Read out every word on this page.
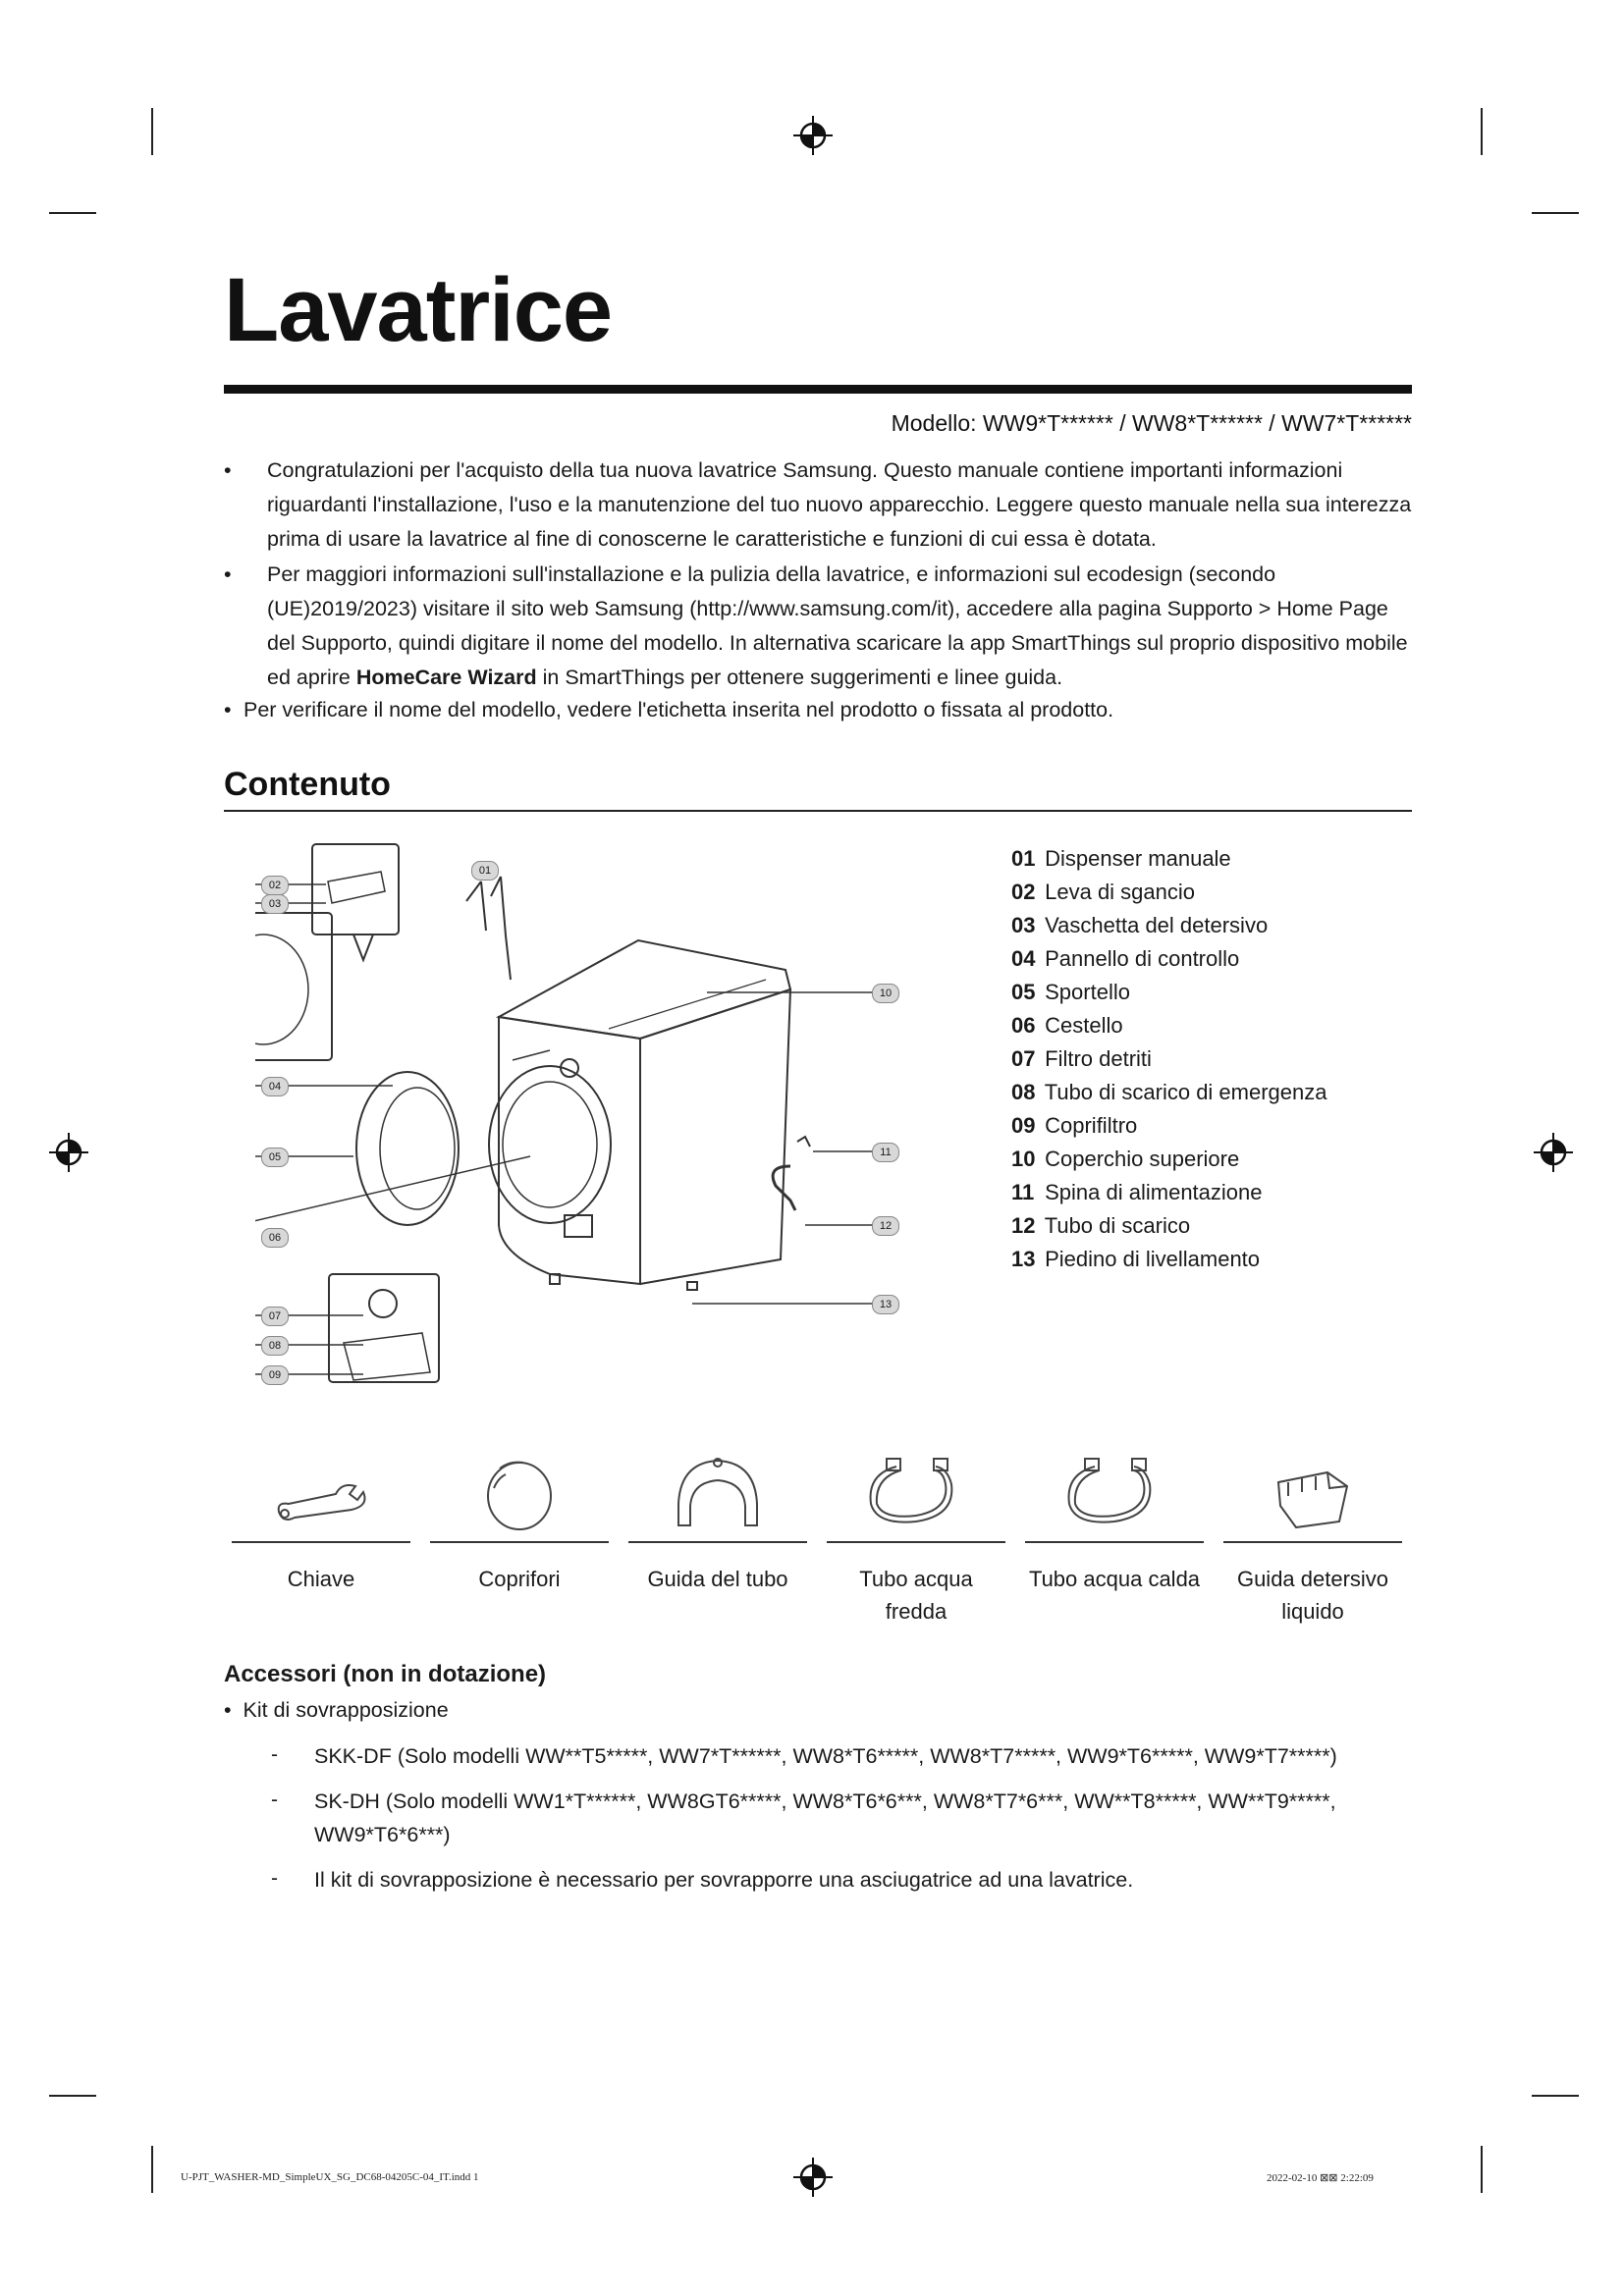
Lavatrice
Modello: WW9*T****** / WW8*T****** / WW7*T******
• Congratulazioni per l'acquisto della tua nuova lavatrice Samsung. Questo manuale contiene importanti informazioni riguardanti l'installazione, l'uso e la manutenzione del tuo nuovo apparecchio. Leggere questo manuale nella sua interezza prima di usare la lavatrice al fine di conoscerne le caratteristiche e funzioni di cui essa è dotata.
• Per maggiori informazioni sull'installazione e la pulizia della lavatrice, e informazioni sul ecodesign (secondo (UE)2019/2023) visitare il sito web Samsung (http://www.samsung.com/it), accedere alla pagina Supporto > Home Page del Supporto, quindi digitare il nome del modello. In alternativa scaricare la app SmartThings sul proprio dispositivo mobile ed aprire HomeCare Wizard in SmartThings per ottenere suggerimenti e linee guida.
• Per verificare il nome del modello, vedere l'etichetta inserita nel prodotto o fissata al prodotto.
Contenuto
01
02
03
04
05
06
07
08
09
10
11
12
13
01 Dispenser manuale
02 Leva di sgancio
03 Vaschetta del detersivo
04 Pannello di controllo
05 Sportello
06 Cestello
07 Filtro detriti
08 Tubo di scarico di emergenza
09 Coprifiltro
10 Coperchio superiore
11 Spina di alimentazione
12 Tubo di scarico
13 Piedino di livellamento
Chiave	Coprifori	Guida del tubo	Tubo acqua fredda
Tubo acqua calda	Guida detersivo liquido
Accessori (non in dotazione)
• Kit di sovrapposizione
- SKK-DF (Solo modelli WW**T5*****, WW7*T******, WW8*T6*****, WW8*T7*****, WW9*T6*****, WW9*T7*****)
- SK-DH (Solo modelli WW1*T******, WW8GT6*****, WW8*T6*6***, WW8*T7*6***, WW**T8*****, WW**T9*****,
WW9*T6*6***)
- Il kit di sovrapposizione è necessario per sovrapporre una asciugatrice ad una lavatrice.
U-PJT_WASHER-MD_SimpleUX_SG_DC68-04205C-04_IT.indd 1	2022-02-10 ⊠⊠ 2:22:09
